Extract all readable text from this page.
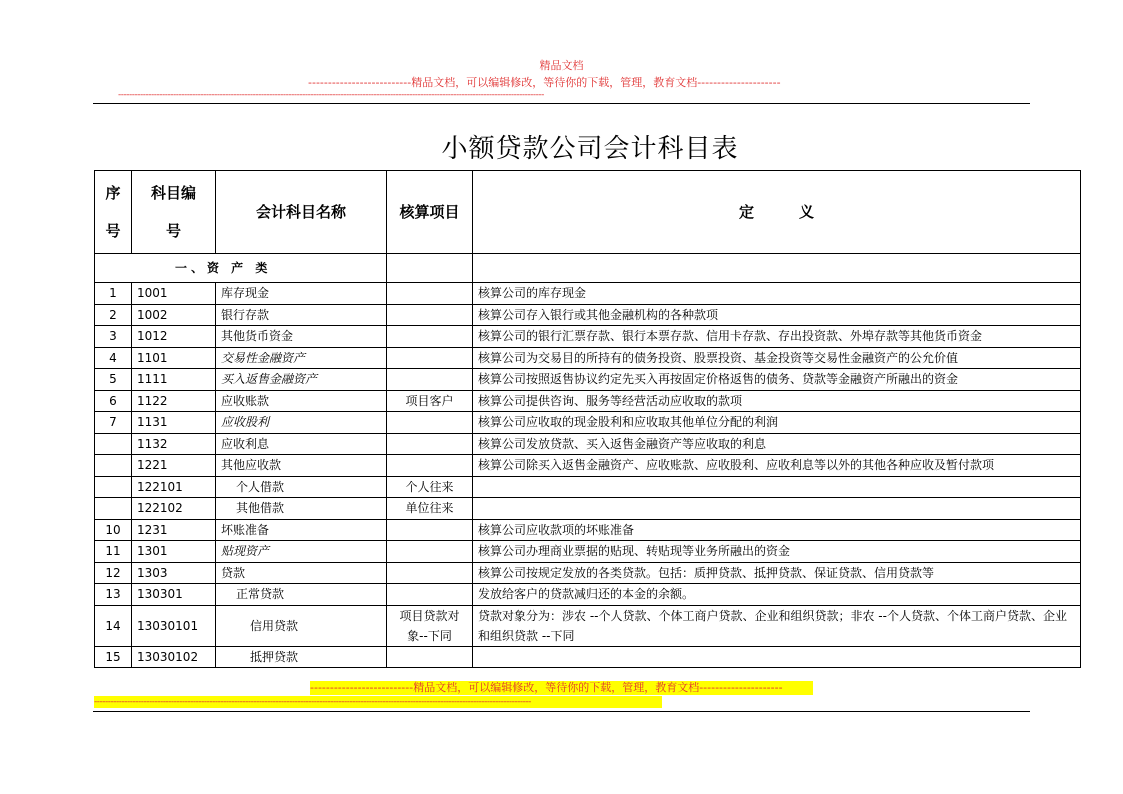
精品文档
--------------------------精品文档，可以编辑修改，等待你的下载，管理，教育文档---------------------
-----------------------------------------------------------------------------------------------------------------------------------------------------------
小额贷款公司会计科目表
序号	科目编号	会计科目名称	核算项目	定　　　义
一、资 产 类				
1	1001	库存现金		核算公司的库存现金
2	1002	银行存款		核算公司存入银行或其他金融机构的各种款项
3	1012	其他货币资金		核算公司的银行汇票存款、银行本票存款、信用卡存款、存出投资款、外埠存款等其他货币资金
4	1101	交易性金融资产		核算公司为交易目的所持有的债务投资、股票投资、基金投资等交易性金融资产的公允价值
5	1111	买入返售金融资产		核算公司按照返售协议约定先买入再按固定价格返售的债务、贷款等金融资产所融出的资金
6	1122	应收账款	项目客户	核算公司提供咨询、服务等经营活动应收取的款项
7	1131	应收股利		核算公司应收取的现金股利和应收取其他单位分配的利润
	1132	应收利息		核算公司发放贷款、买入返售金融资产等应收取的利息
	1221	其他应收款		核算公司除买入返售金融资产、应收账款、应收股利、应收利息等以外的其他各种应收及暂付款项
	122101	个人借款	个人往来	
	122102	其他借款	单位往来	
10	1231	坏账准备		核算公司应收款项的坏账准备
11	1301	贴现资产		核算公司办理商业票据的贴现、转贴现等业务所融出的资金
12	1303	贷款		核算公司按规定发放的各类贷款。包括：质押贷款、抵押贷款、保证贷款、信用贷款等
13	130301	正常贷款		发放给客户的贷款减归还的本金的余额。
14	13030101	信用贷款	项目贷款对象--下同	贷款对象分为：涉农 --个人贷款、个体工商户贷款、企业和组织贷款；非农 --个人贷款、个体工商户贷款、企业和组织贷款 --下同
15	13030102	抵押贷款		
--------------------------精品文档，可以编辑修改，等待你的下载，管理，教育文档---------------------
---------------------------------------------------------------------------------------------------------------------------------------------------------------
